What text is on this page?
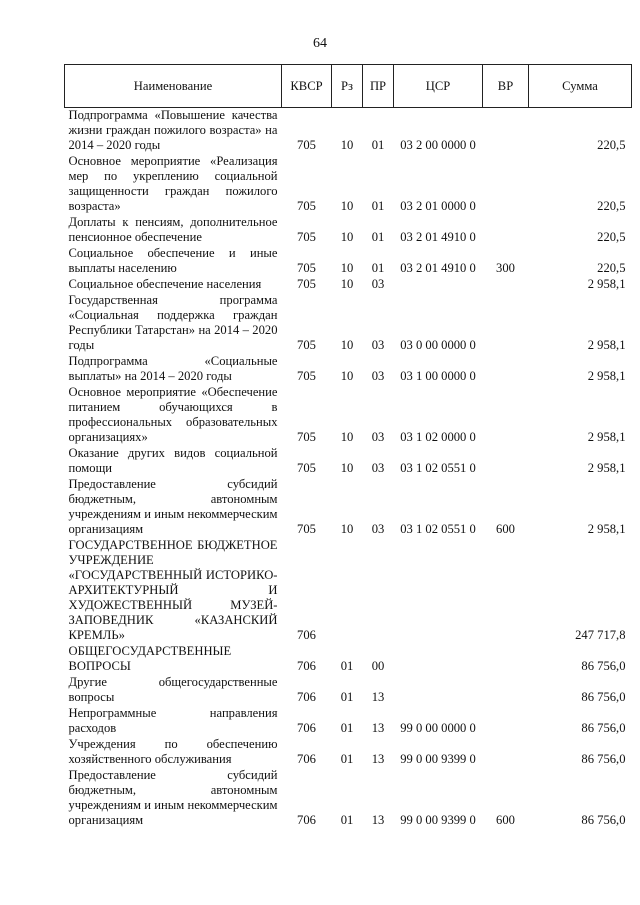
64
Наименование	КВСР	Рз	ПР	ЦСР	ВР	Сумма
Подпрограмма «Повышение качества жизни граждан пожилого возраста» на 2014 – 2020 годы	705	10	01	03 2 00 0000 0		220,5
Основное мероприятие «Реализация мер по укреплению социальной защищенности граждан пожилого возраста»	705	10	01	03 2 01 0000 0		220,5
Доплаты к пенсиям, дополнительное пенсионное обеспечение	705	10	01	03 2 01 4910 0		220,5
Социальное обеспечение и иные выплаты населению	705	10	01	03 2 01 4910 0	300	220,5
Социальное обеспечение населения	705	10	03			2 958,1
Государственная программа «Социальная поддержка граждан Республики Татарстан» на 2014 – 2020 годы	705	10	03	03 0 00 0000 0		2 958,1
Подпрограмма «Социальные выплаты» на 2014 – 2020 годы	705	10	03	03 1 00 0000 0		2 958,1
Основное мероприятие «Обеспечение питанием обучающихся в профессиональных образовательных организациях»	705	10	03	03 1 02 0000 0		2 958,1
Оказание других видов социальной помощи	705	10	03	03 1 02 0551 0		2 958,1
Предоставление субсидий бюджетным, автономным учреждениям и иным некоммерческим организациям	705	10	03	03 1 02 0551 0	600	2 958,1
ГОСУДАРСТВЕННОЕ БЮДЖЕТНОЕ УЧРЕЖДЕНИЕ «ГОСУДАРСТВЕННЫЙ ИСТОРИКО-АРХИТЕКТУРНЫЙ И ХУДОЖЕСТВЕННЫЙ МУЗЕЙ-ЗАПОВЕДНИК «КАЗАНСКИЙ КРЕМЛЬ»	706					247 717,8
ОБЩЕГОСУДАРСТВЕННЫЕ ВОПРОСЫ	706	01	00			86 756,0
Другие общегосударственные вопросы	706	01	13			86 756,0
Непрограммные направления расходов	706	01	13	99 0 00 0000 0		86 756,0
Учреждения по обеспечению хозяйственного обслуживания	706	01	13	99 0 00 9399 0		86 756,0
Предоставление субсидий бюджетным, автономным учреждениям и иным некоммерческим организациям	706	01	13	99 0 00 9399 0	600	86 756,0
